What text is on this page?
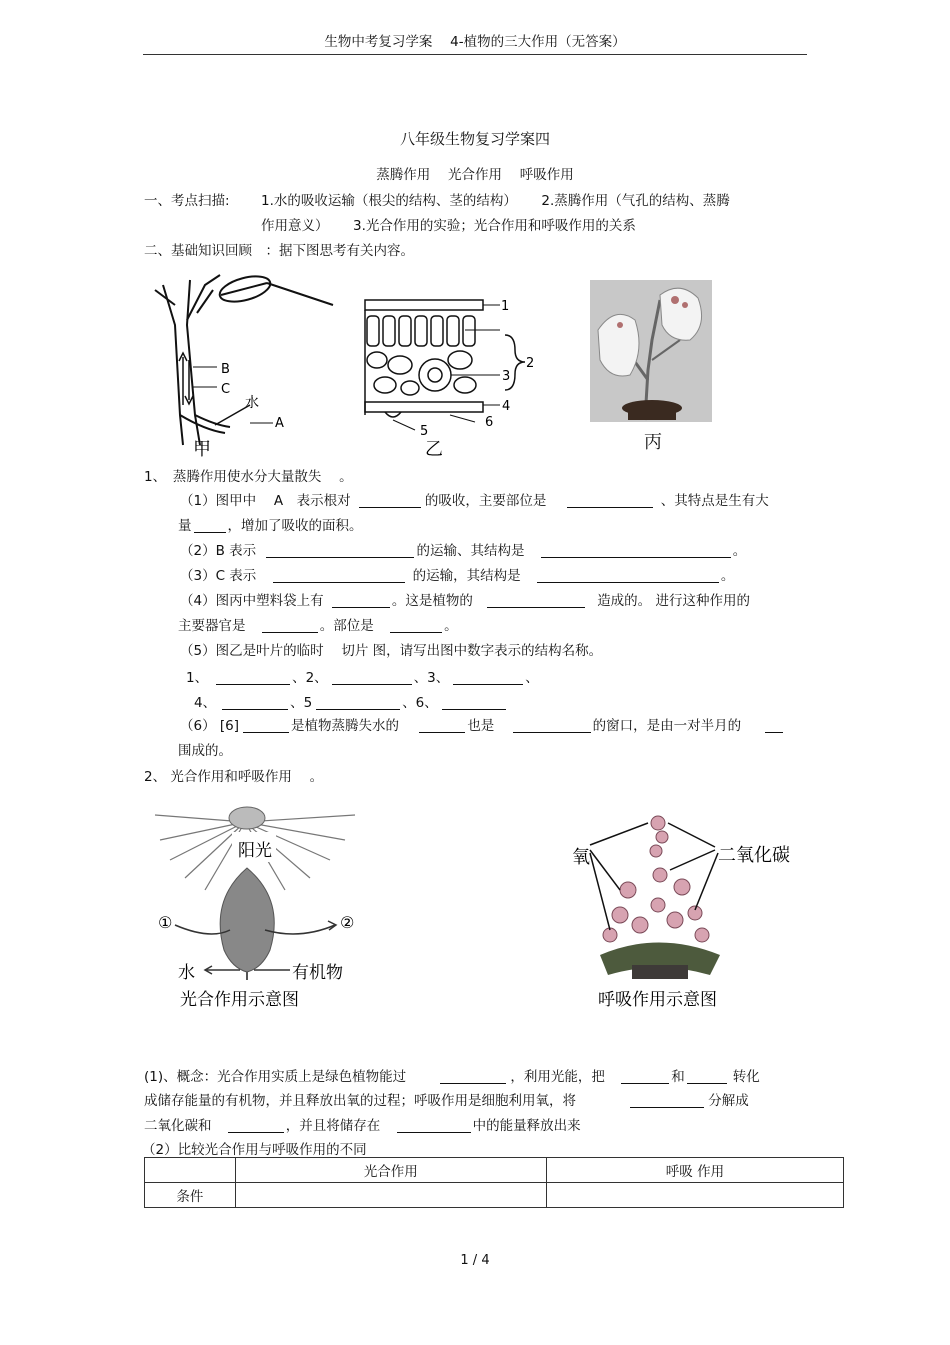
生物中考复习学案　 4-植物的三大作用（无答案）
八年级生物复习学案四
蒸腾作用　 光合作用　 呼吸作用
一、考点扫描: 1.水的吸收运输（根尖的结构、茎的结构）　　 2.蒸腾作用（气孔的结构、蒸腾
作用意义）　　 3.光合作用的实验；光合作用和呼吸作用的关系
二、基础知识回顾　：据下图思考有关内容。
B
C
水
A
甲
1
2
3
4
6
5
乙	丙
1、　蒸腾作用使水分大量散失　 。
（1）图甲中　 A　表示根对	的吸收，主要部位是	、其特点是生有大
量	，增加了吸收的面积。
（2）B 表示	的运输、其结构是	。
（3）C 表示	的运输，其结构是	。
（4）图丙中塑料袋上有	。这是植物的	造成的。 进行这种作用的
主要器官是	。部位是	。
（5）图乙是叶片的临时　 切片 图，请写出图中数字表示的结构名称。
1、	、2、	、3、	、
4、	、5	、6、
（6） [6]	是植物蒸腾失水的	也是	的窗口，是由一对半月的
围成的。
2、 光合作用和呼吸作用　 。
阳光
①	②
水	有机物
光合作用示意图
氧	二氧化碳
呼吸作用示意图
(1)、概念：光合作用实质上是绿色植物能过	，利用光能，把	和	转化
成储存能量的有机物，并且释放出氧的过程；呼吸作用是细胞利用氧，将	分解成
二氧化碳和	，并且将储存在	中的能量释放出来
（2）比较光合作用与呼吸作用的不同
	光合作用	呼吸 作用
条件		
1 / 4
